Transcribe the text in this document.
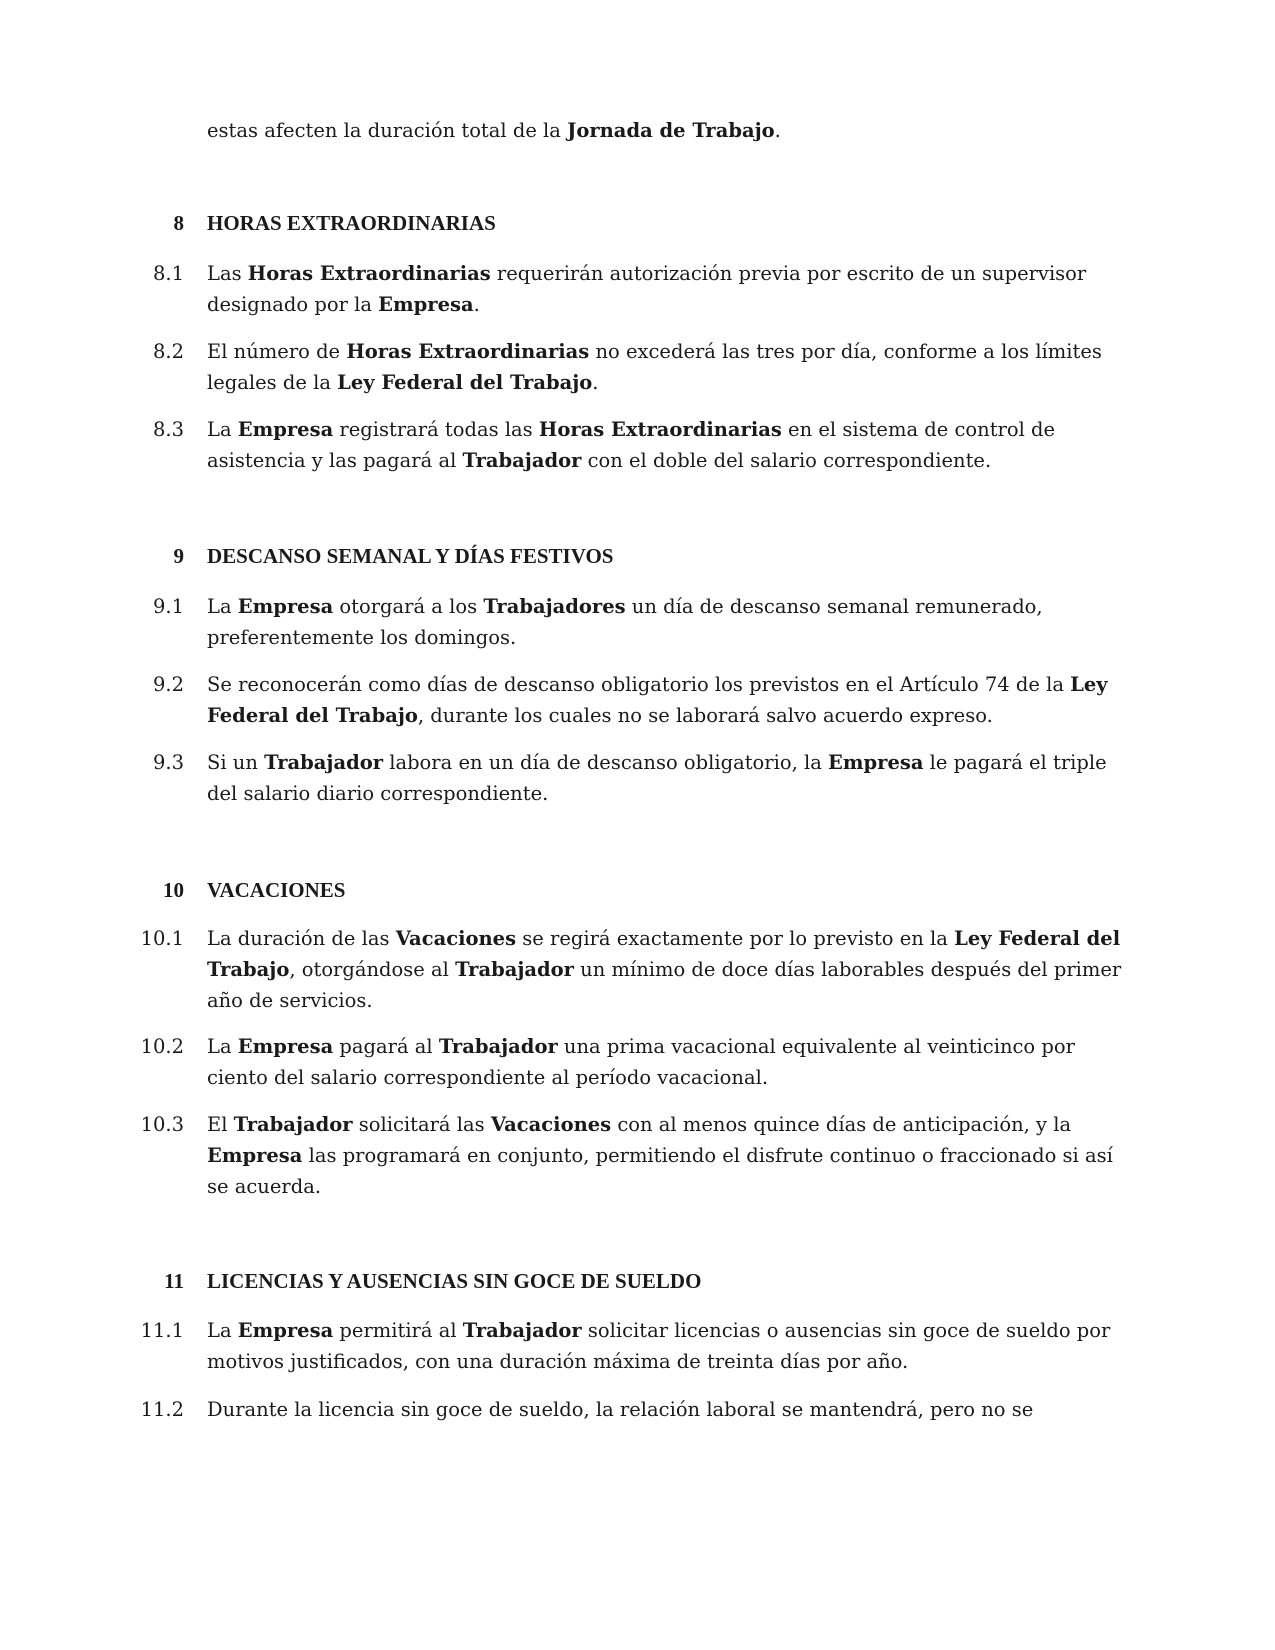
estas afecten la duración total de la Jornada de Trabajo.
8 HORAS EXTRAORDINARIAS
8.1 Las Horas Extraordinarias requerirán autorización previa por escrito de un supervisor designado por la Empresa.
8.2 El número de Horas Extraordinarias no excederá las tres por día, conforme a los límites legales de la Ley Federal del Trabajo.
8.3 La Empresa registrará todas las Horas Extraordinarias en el sistema de control de asistencia y las pagará al Trabajador con el doble del salario correspondiente.
9 DESCANSO SEMANAL Y DÍAS FESTIVOS
9.1 La Empresa otorgará a los Trabajadores un día de descanso semanal remunerado, preferentemente los domingos.
9.2 Se reconocerán como días de descanso obligatorio los previstos en el Artículo 74 de la Ley Federal del Trabajo, durante los cuales no se laborará salvo acuerdo expreso.
9.3 Si un Trabajador labora en un día de descanso obligatorio, la Empresa le pagará el triple del salario diario correspondiente.
10 VACACIONES
10.1 La duración de las Vacaciones se regirá exactamente por lo previsto en la Ley Federal del Trabajo, otorgándose al Trabajador un mínimo de doce días laborables después del primer año de servicios.
10.2 La Empresa pagará al Trabajador una prima vacacional equivalente al veinticinco por ciento del salario correspondiente al período vacacional.
10.3 El Trabajador solicitará las Vacaciones con al menos quince días de anticipación, y la Empresa las programará en conjunto, permitiendo el disfrute continuo o fraccionado si así se acuerda.
11 LICENCIAS Y AUSENCIAS SIN GOCE DE SUELDO
11.1 La Empresa permitirá al Trabajador solicitar licencias o ausencias sin goce de sueldo por motivos justificados, con una duración máxima de treinta días por año.
11.2 Durante la licencia sin goce de sueldo, la relación laboral se mantendrá, pero no se
